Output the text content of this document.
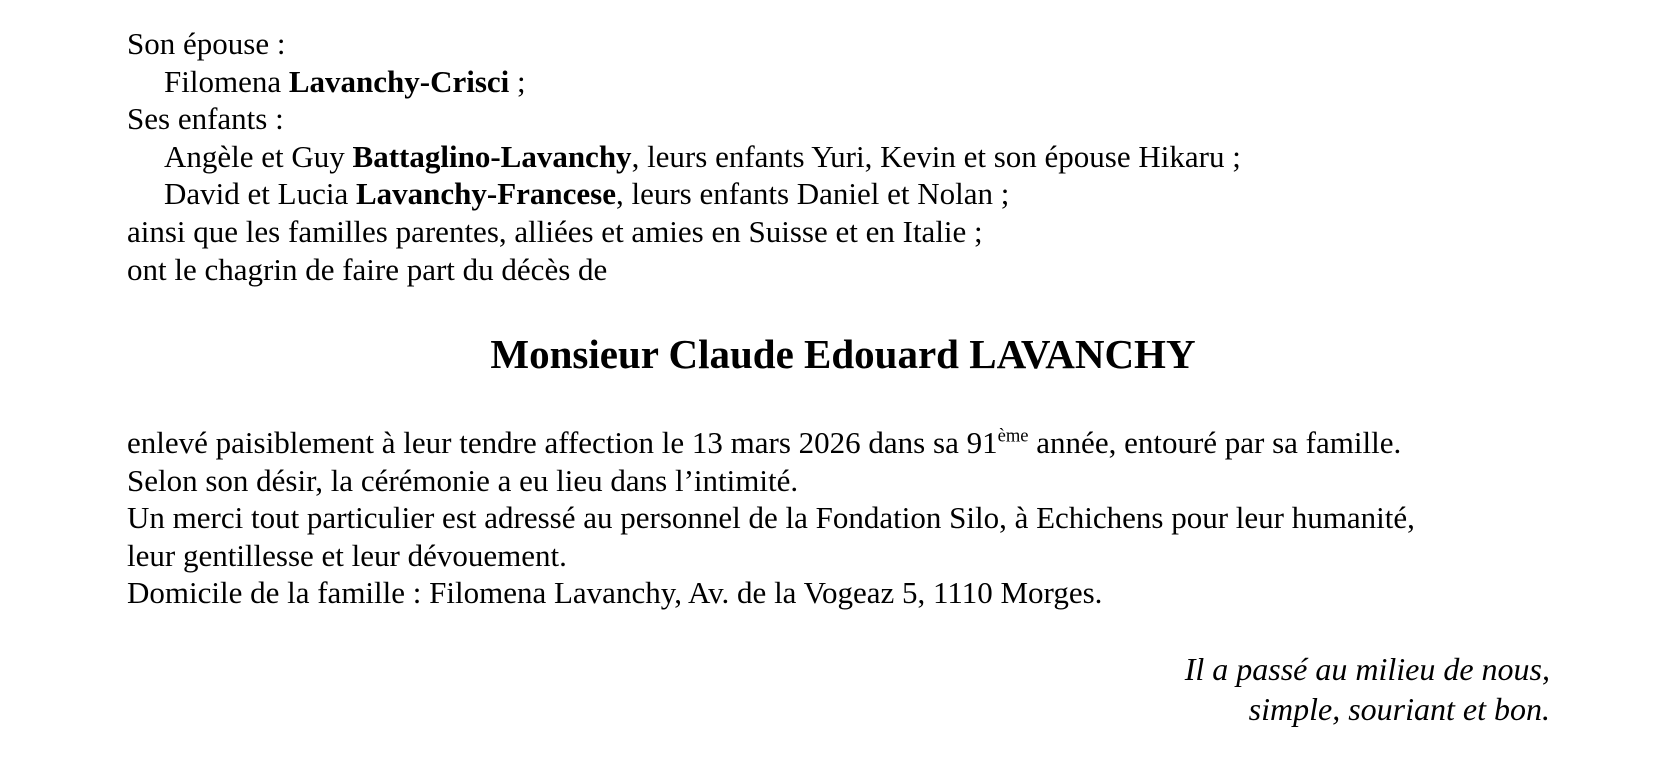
Son épouse :
Filomena Lavanchy-Crisci ;
Ses enfants :
Angèle et Guy Battaglino-Lavanchy, leurs enfants Yuri, Kevin et son épouse Hikaru ;
David et Lucia Lavanchy-Francese, leurs enfants Daniel et Nolan ;
ainsi que les familles parentes, alliées et amies en Suisse et en Italie ;
ont le chagrin de faire part du décès de
Monsieur Claude Edouard LAVANCHY
enlevé paisiblement à leur tendre affection le 13 mars 2026 dans sa 91ème année, entouré par sa famille.
Selon son désir, la cérémonie a eu lieu dans l’intimité.
Un merci tout particulier est adressé au personnel de la Fondation Silo, à Echichens pour leur humanité,
leur gentillesse et leur dévouement.
Domicile de la famille : Filomena Lavanchy, Av. de la Vogeaz 5, 1110 Morges.
Il a passé au milieu de nous,
simple, souriant et bon.
